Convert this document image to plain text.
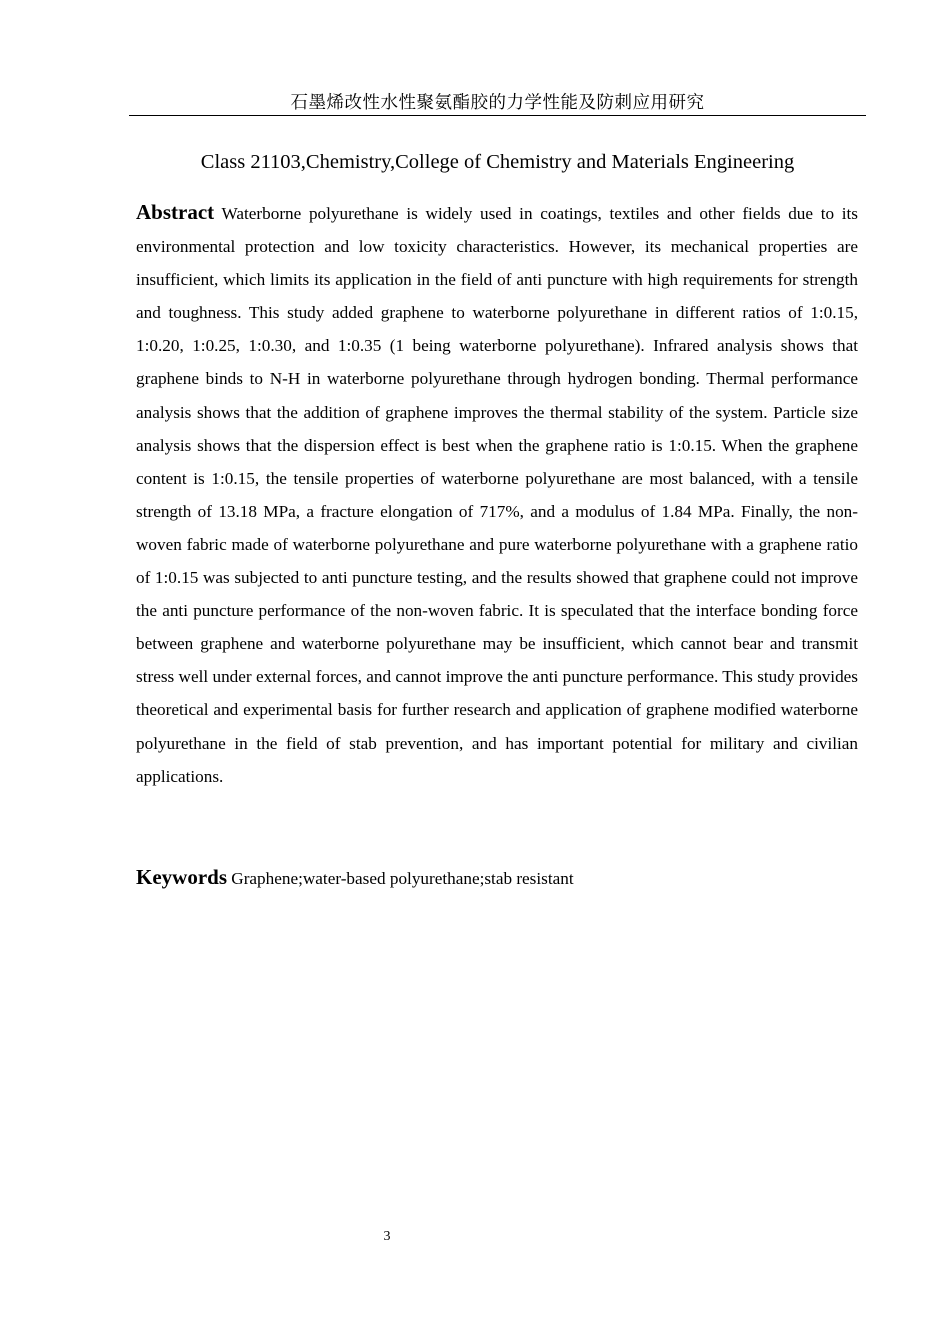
石墨烯改性水性聚氨酯胶的力学性能及防刺应用研究
Class 21103,Chemistry,College of Chemistry and Materials Engineering

Abstract Waterborne polyurethane is widely used in coatings, textiles and other fields due to its environmental protection and low toxicity characteristics. However, its mechanical properties are insufficient, which limits its application in the field of anti puncture with high requirements for strength and toughness. This study added graphene to waterborne polyurethane in different ratios of 1:0.15, 1:0.20, 1:0.25, 1:0.30, and 1:0.35 (1 being waterborne polyurethane). Infrared analysis shows that graphene binds to N-H in waterborne polyurethane through hydrogen bonding. Thermal performance analysis shows that the addition of graphene improves the thermal stability of the system. Particle size analysis shows that the dispersion effect is best when the graphene ratio is 1:0.15. When the graphene content is 1:0.15, the tensile properties of waterborne polyurethane are most balanced, with a tensile strength of 13.18 MPa, a fracture elongation of 717%, and a modulus of 1.84 MPa. Finally, the non-woven fabric made of waterborne polyurethane and pure waterborne polyurethane with a graphene ratio of 1:0.15 was subjected to anti puncture testing, and the results showed that graphene could not improve the anti puncture performance of the non-woven fabric. It is speculated that the interface bonding force between graphene and waterborne polyurethane may be insufficient, which cannot bear and transmit stress well under external forces, and cannot improve the anti puncture performance. This study provides theoretical and experimental basis for further research and application of graphene modified waterborne polyurethane in the field of stab prevention, and has important potential for military and civilian applications.

Keywords Graphene;water-based polyurethane;stab resistant

3
